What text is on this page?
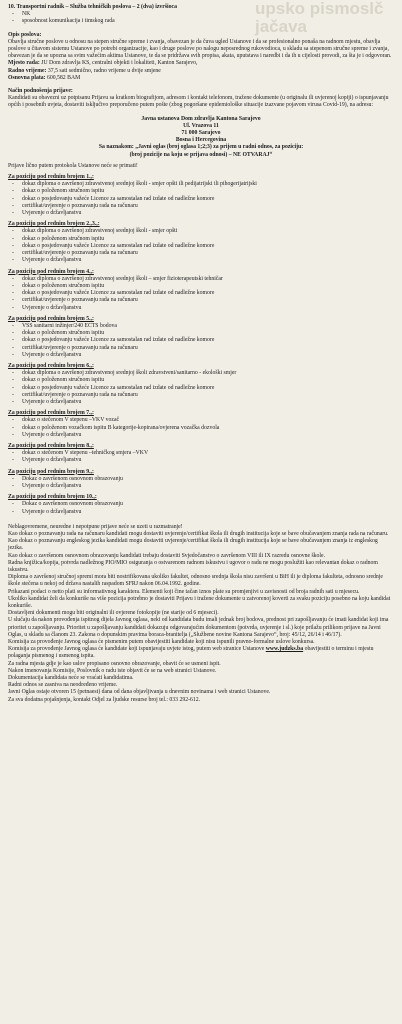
upsko pismoslč
jačava

10. Transportni radnik – Služba tehničkih poslova – 2 (dva) izvršioca

- NK

- sposobnost komunikacija i timskog rada

Opis poslova:

Obavlja stručne poslove u odnosu na stepen stručne spreme i zvanja, obavezan je da čuva ugled Ustanove i da se profesionalno ponaša na radnom mjestu, obavlja poslove u čitavom sistemu Ustanove po potrebi organizacije, kao i druge poslove po nalogu neposrednog rukovodioca, u skladu sa stepenom stručne spreme i zvanja, obavezan je da se upozna sa svim važećim aktima Ustanove, te da se pridržava svih propisa, akata, uputstava i naredbi i da ih u cijelosti provodi, za šta je i odgovoran.

Mjesto rada: JU Dom zdravlja KS, centralni objekti i lokaliteti, Kanton Sarajevo,

Radno vrijeme: 37,5 sati sedmično, radno vrijeme u dvije smjene

Osnovna plata: 600,582 BAM

Način podnošenja prijave:

Kandidati su obavezni uz potpisanu Prijavu sa kratkom biografijom, adresom i kontakt telefonom, tražene dokumente (u originalu ili uvjerenoj kopiji) o ispunjavanju općih i posebnih uvjeta, dostaviti isključivo preporučeno putem pošte (zbog pogoršane epidemiološke situacije izazvane pojavom virusa Covid-19), na adresu:

Javna ustanova Dom zdravlja Kantona Sarajevo

Ul. Vrazova 11

71 000 Sarajevo

Bosna i Hercegovina

Sa naznakom: „Javni oglas (broj oglasa 1;2;3) za prijem u radni odnos, za poziciju:

(broj pozicije na koju se prijava odnosi) – NE OTVARAJ“

Prijave lično putem protokola Ustanove neće se primati!

Za poziciju pod rednim brojem 1.,:

- dokaz diploma o završenoj zdravstvenoj srednjoj školi - smjer opšti ili pedijatrijski ili pihogerijatrijski

- dokaz o položenom stručnom ispitu

- dokaz o posjedovanju važeće Licence za samostalan rad izdate od nadležne komore

- certifikat/uvjerenje o poznavanju rada na računaru

- Uvjerenje o državljanstvu

Za poziciju pod rednim brojem 2.,3.,:

- dokaz diploma o završenoj zdravstvenoj srednjoj školi - smjer opšti

- dokaz o položenom stručnom ispitu

- dokaz o posjedovanju važeće Licence za samostalan rad izdate od nadležne komore

- certifikat/uvjerenje o poznavanju rada na računaru

- Uvjerenje o državljanstvu

Za poziciju pod rednim brojem 4.,:

- dokaz diploma o završenoj zdravstvenoj srednjoj školi – smjer fizioterapeutski tehničar

- dokaz o položenom stručnom ispitu

- dokaz o posjedovanju važeće Licence za samostalan rad izdate od nadležne komore

- certifikat/uvjerenje o poznavanju rada na računaru

- Uvjerenje o državljanstvu

Za poziciju pod rednim brojem 5.,:

- VSS sanitarni inžinjer/240 ECTS bodova

- dokaz o položenom stručnom ispitu

- dokaz o posjedovanju važeće Licence za samostalan rad izdate od nadležne komore

- certifikat/uvjerenje o poznavanju rada na računaru

- Uvjerenje o državljanstvu

Za poziciju pod rednim brojem 6.,:

- dokaz diploma o završenoj zdravstvenoj srednjoj školi zdravstveni/sanitarno - ekološki smjer

- dokaz o položenom stručnom ispitu

- dokaz o posjedovanju važeće Licence za samostalan rad izdate od nadležne komore

- certifikat/uvjerenje o poznavanju rada na računaru

- Uvjerenje o državljanstvu

Za poziciju pod rednim brojem 7.,:

- dokaz o stečenom V stepenu –VKV vozač

- dokaz o položenom vozačkom ispitu B kategorije-kopirana/ovjerena vozačka dozvola

- Uvjerenje o državljanstvu

Za poziciju pod rednim brojem 8.,:

- dokaz o stečenom V stepenu –tehničkog smjera –VKV

- Uvjerenje o državljanstvu

Za poziciju pod rednim brojem 9.,:

- Dokaz o završenom osnovnom obrazovanju

- Uvjerenje o državljanstvu

Za poziciju pod rednim brojem 10.,:

- Dokaz o završenom osnovnom obrazovanju

- Uvjerenje o državljanstvu

Neblagovremene, neuredne i nepotpune prijave neće se uzeti u razmatranje!

Kao dokaz o poznavanju rada na računaru kandidati mogu dostaviti uvjerenje/certifikat škola ili drugih institucija koje se bave obučavanjem znanja rada na računaru.

Kao dokaz o poznavanju engleskog jezika kandidati mogu dostaviti uvjerenje/certifikat škola ili drugih institucija koje se bave obučavanjem znanja iz engleskog jezika.

Kao dokaz o završenom osnovnom obrazovanju kandidati trebaju dostaviti Svjedočanstvo o završenom VIII ili IX razredu osnovne škole.

Radna knjižica/kopija, potvrda nadležnog PIO/MIO osiguranja o ostvarenom radnom iskustvu i ugovor o radu ne mogu poslužiti kao relevantan dokaz o radnom iskustvu.

Diploma o završenoj stručnoj spremi mora biti nostrifikovana ukoliko fakultet, odnosno srednja škola nisu završeni u BiH ili je diploma fakulteta, odnosno srednje škole stečena u nekoj od država nastalih raspadom SFRJ nakon 06.04.1992. godine.

Prikazani podaci o netto plati su informativnog karaktera. Elementi koji čine tačan iznos plate su promjenjivi u zavisnosti od broja radnih sati u mjesecu.

Ukoliko kandidat želi da konkuriše na više pozicija potrebno je dostaviti Prijavu i tražene dokumente u zatvorenoj koverti za svaku poziciju posebno na koju kandidat konkuriše.

Dostavljeni dokumenti mogu biti originalni ili ovjerene fotokopije (ne starije od 6 mjeseci).

U slučaju da nakon provođenja ispitnog dijela Javnog oglasa, neki od kandidata budu imali jednak broj bodova, prednost pri zapošljavanju će imati kandidat koji ima prioritet u zapošljavanju. Prioritet u zapošljavanju kandidati dokazuju odgovarajućim dokumentom (potvrda, uvjerenje i sl.) koje prilažu prilikom prijave na Javni Oglas, u skladu sa članom 23. Zakona o dopunskim pravima boraca-branitelja („Službene novine Kantona Sarajevo“, broj: 45/12, 26/14 i 46/17).

Komisija za provođenje Javnog oglasa će pismenim putem obavijestiti kandidate koji nisu ispunili pravno-formalne uslove konkursa.

Komisija za provođenje Javnog oglasa će kandidate koji ispunjavaju uvjete istog, putem web stranice Ustanove www.judzks.ba obavijestiti o terminu i mjestu polaganja pismenog i usmenog ispita.

Za radna mjesta gdje je kao uslov propisano osnovno obrazovanje, obavit će se usmeni ispit.

Nakon imenovanja Komisije, Poslovnik o radu iste objavit će se na web stranici Ustanove.

Dokumentacija kandidata neće se vraćati kandidatima.

Radni odnos se zasniva na neodređeno vrijeme.

Javni Oglas ostaje otvoren 15 (petnaest) dana od dana objavljivanja u dnevnim novinama i web stranici Ustanove.

Za sva dodatna pojašnjenja, kontakt Odjel za ljudske resurse broj tel.: 033 292-612.
